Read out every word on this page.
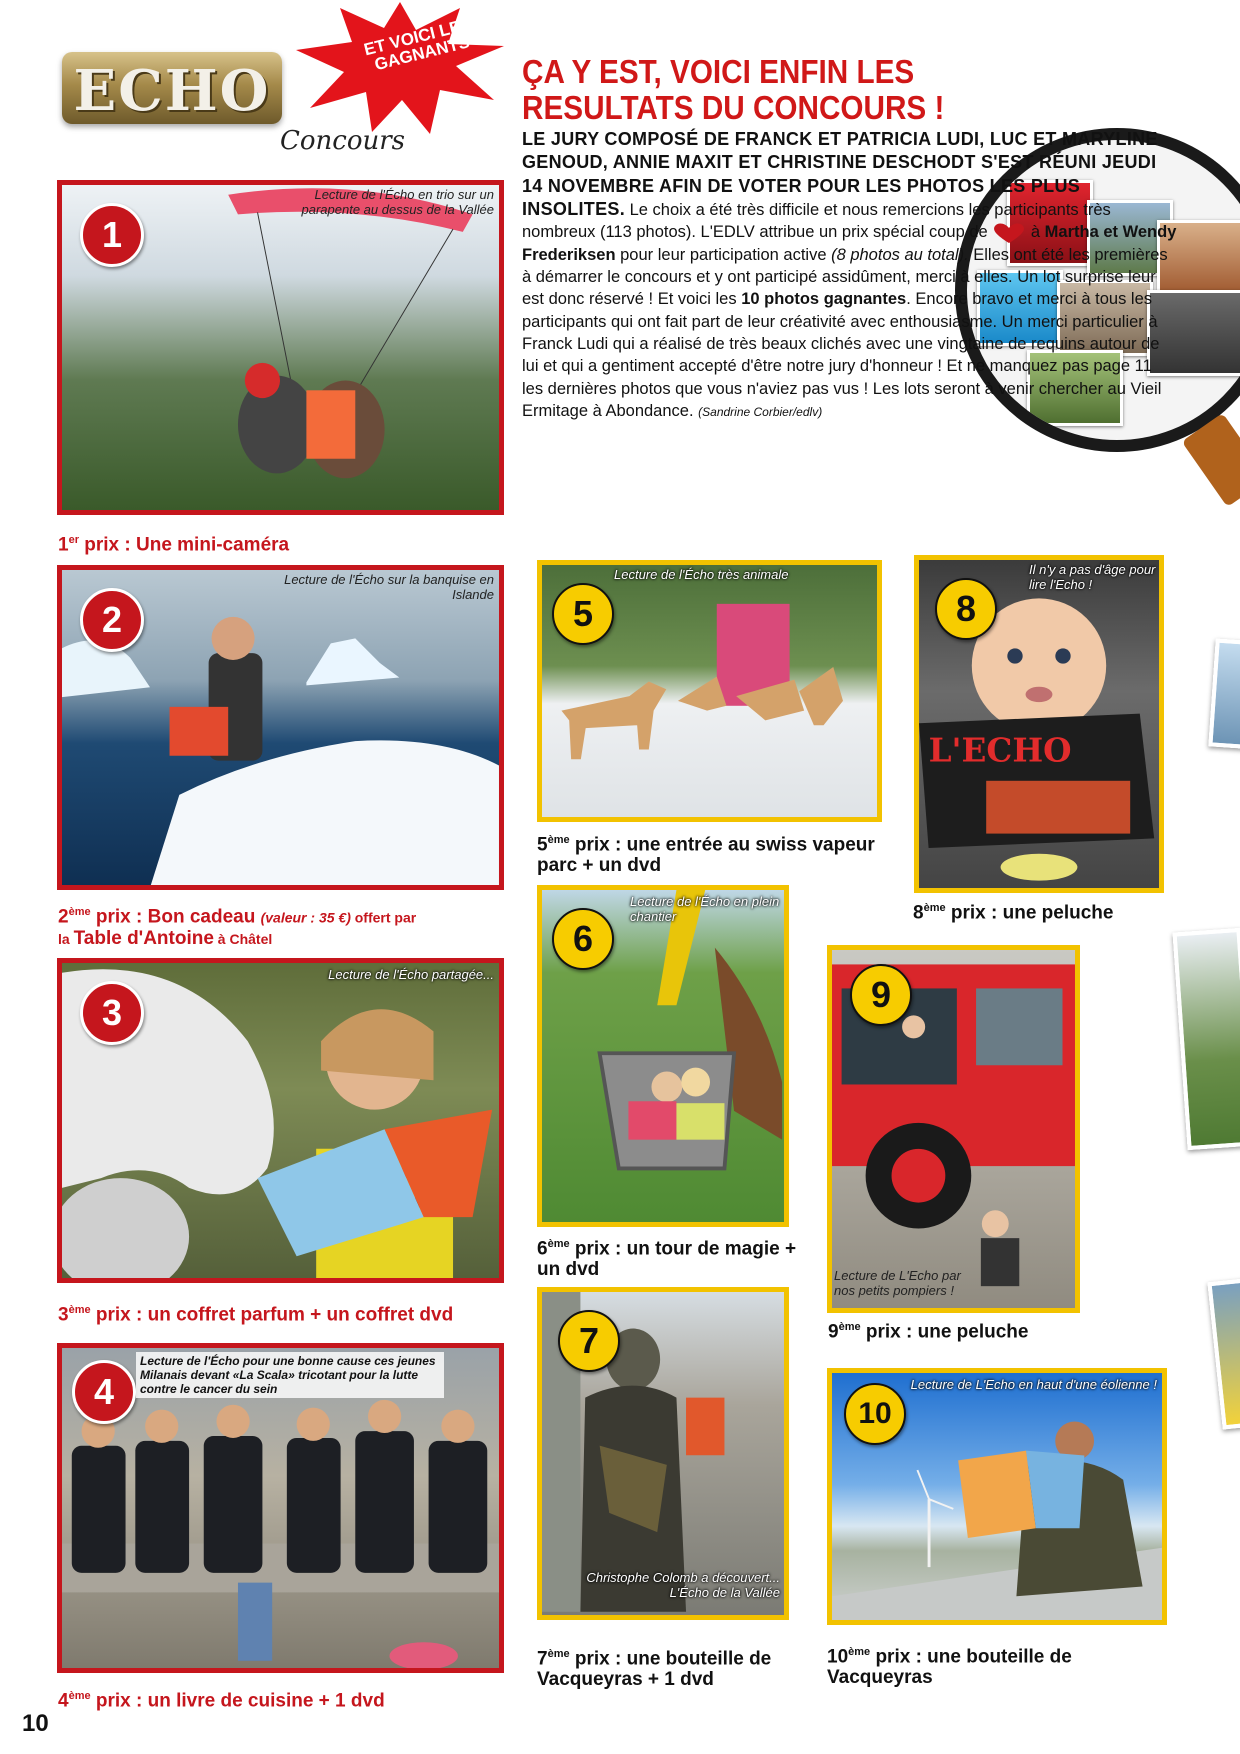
ECHO
Concours
ET VOICI LES GAGNANTS	ÇA Y EST, VOICI ENFIN LES RESULTATS DU CONCOURS !

LE JURY COMPOSÉ DE FRANCK ET PATRICIA LUDI, LUC ET MARYLINE GENOUD, ANNIE MAXIT ET CHRISTINE DESCHODT S'EST RÉUNI JEUDI 14 NOVEMBRE AFIN DE VOTER POUR LES PHOTOS LES PLUS INSOLITES. Le choix a été très difficile et nous remercions les participants très nombreux (113 photos). L'EDLV attribue un prix spécial coup de  à Martha et Wendy Frederiksen pour leur participation active (8 photos au total). Elles ont été les premières à démarrer le concours et y ont participé assidûment, merci à elles. Un lot surprise leur est donc réservé ! Et voici les 10 photos gagnantes. Encore bravo et merci à tous les participants qui ont fait part de leur créativité avec enthousiasme. Un merci particulier à Franck Ludi qui a réalisé de très beaux clichés avec une vingtaine de requins autour de lui et qui a gentiment accepté d'être notre jury d'honneur ! Et ne manquez pas page 11 les dernières photos que vous n'aviez pas vus ! Les lots seront à venir chercher au Vieil Ermitage à Abondance. (Sandrine Corbier/edlv)

1
Lecture de l'Écho en trio sur un parapente au dessus de la Vallée

1er prix : Une mini-caméra

2
Lecture de l'Écho sur la banquise en Islande

2ème prix : Bon cadeau (valeur : 35 €) offert par
la Table d'Antoine à Châtel

3
Lecture de l'Écho partagée...

3ème prix : un coffret parfum + un coffret dvd

4
Lecture de l'Écho pour une bonne cause ces jeunes Milanais devant «La Scala» tricotant pour la lutte contre le cancer du sein

4ème prix : un livre de cuisine + 1 dvd

5
Lecture de l'Écho très animale

5ème prix : une entrée au swiss vapeur parc + un dvd

6
Lecture de l'Écho en plein chantier

6ème prix : un tour de magie + un dvd

7
Christophe Colomb a découvert... L'Écho de la Vallée

7ème prix : une bouteille de Vacqueyras + 1 dvd

L'ECHO
8
Il n'y a pas d'âge pour lire l'Echo !

8ème prix : une peluche

9
Lecture de L'Echo par nos petits pompiers !

9ème prix : une peluche

10
Lecture de L'Echo en haut d'une éolienne !

10ème prix : une bouteille de Vacqueyras

10
